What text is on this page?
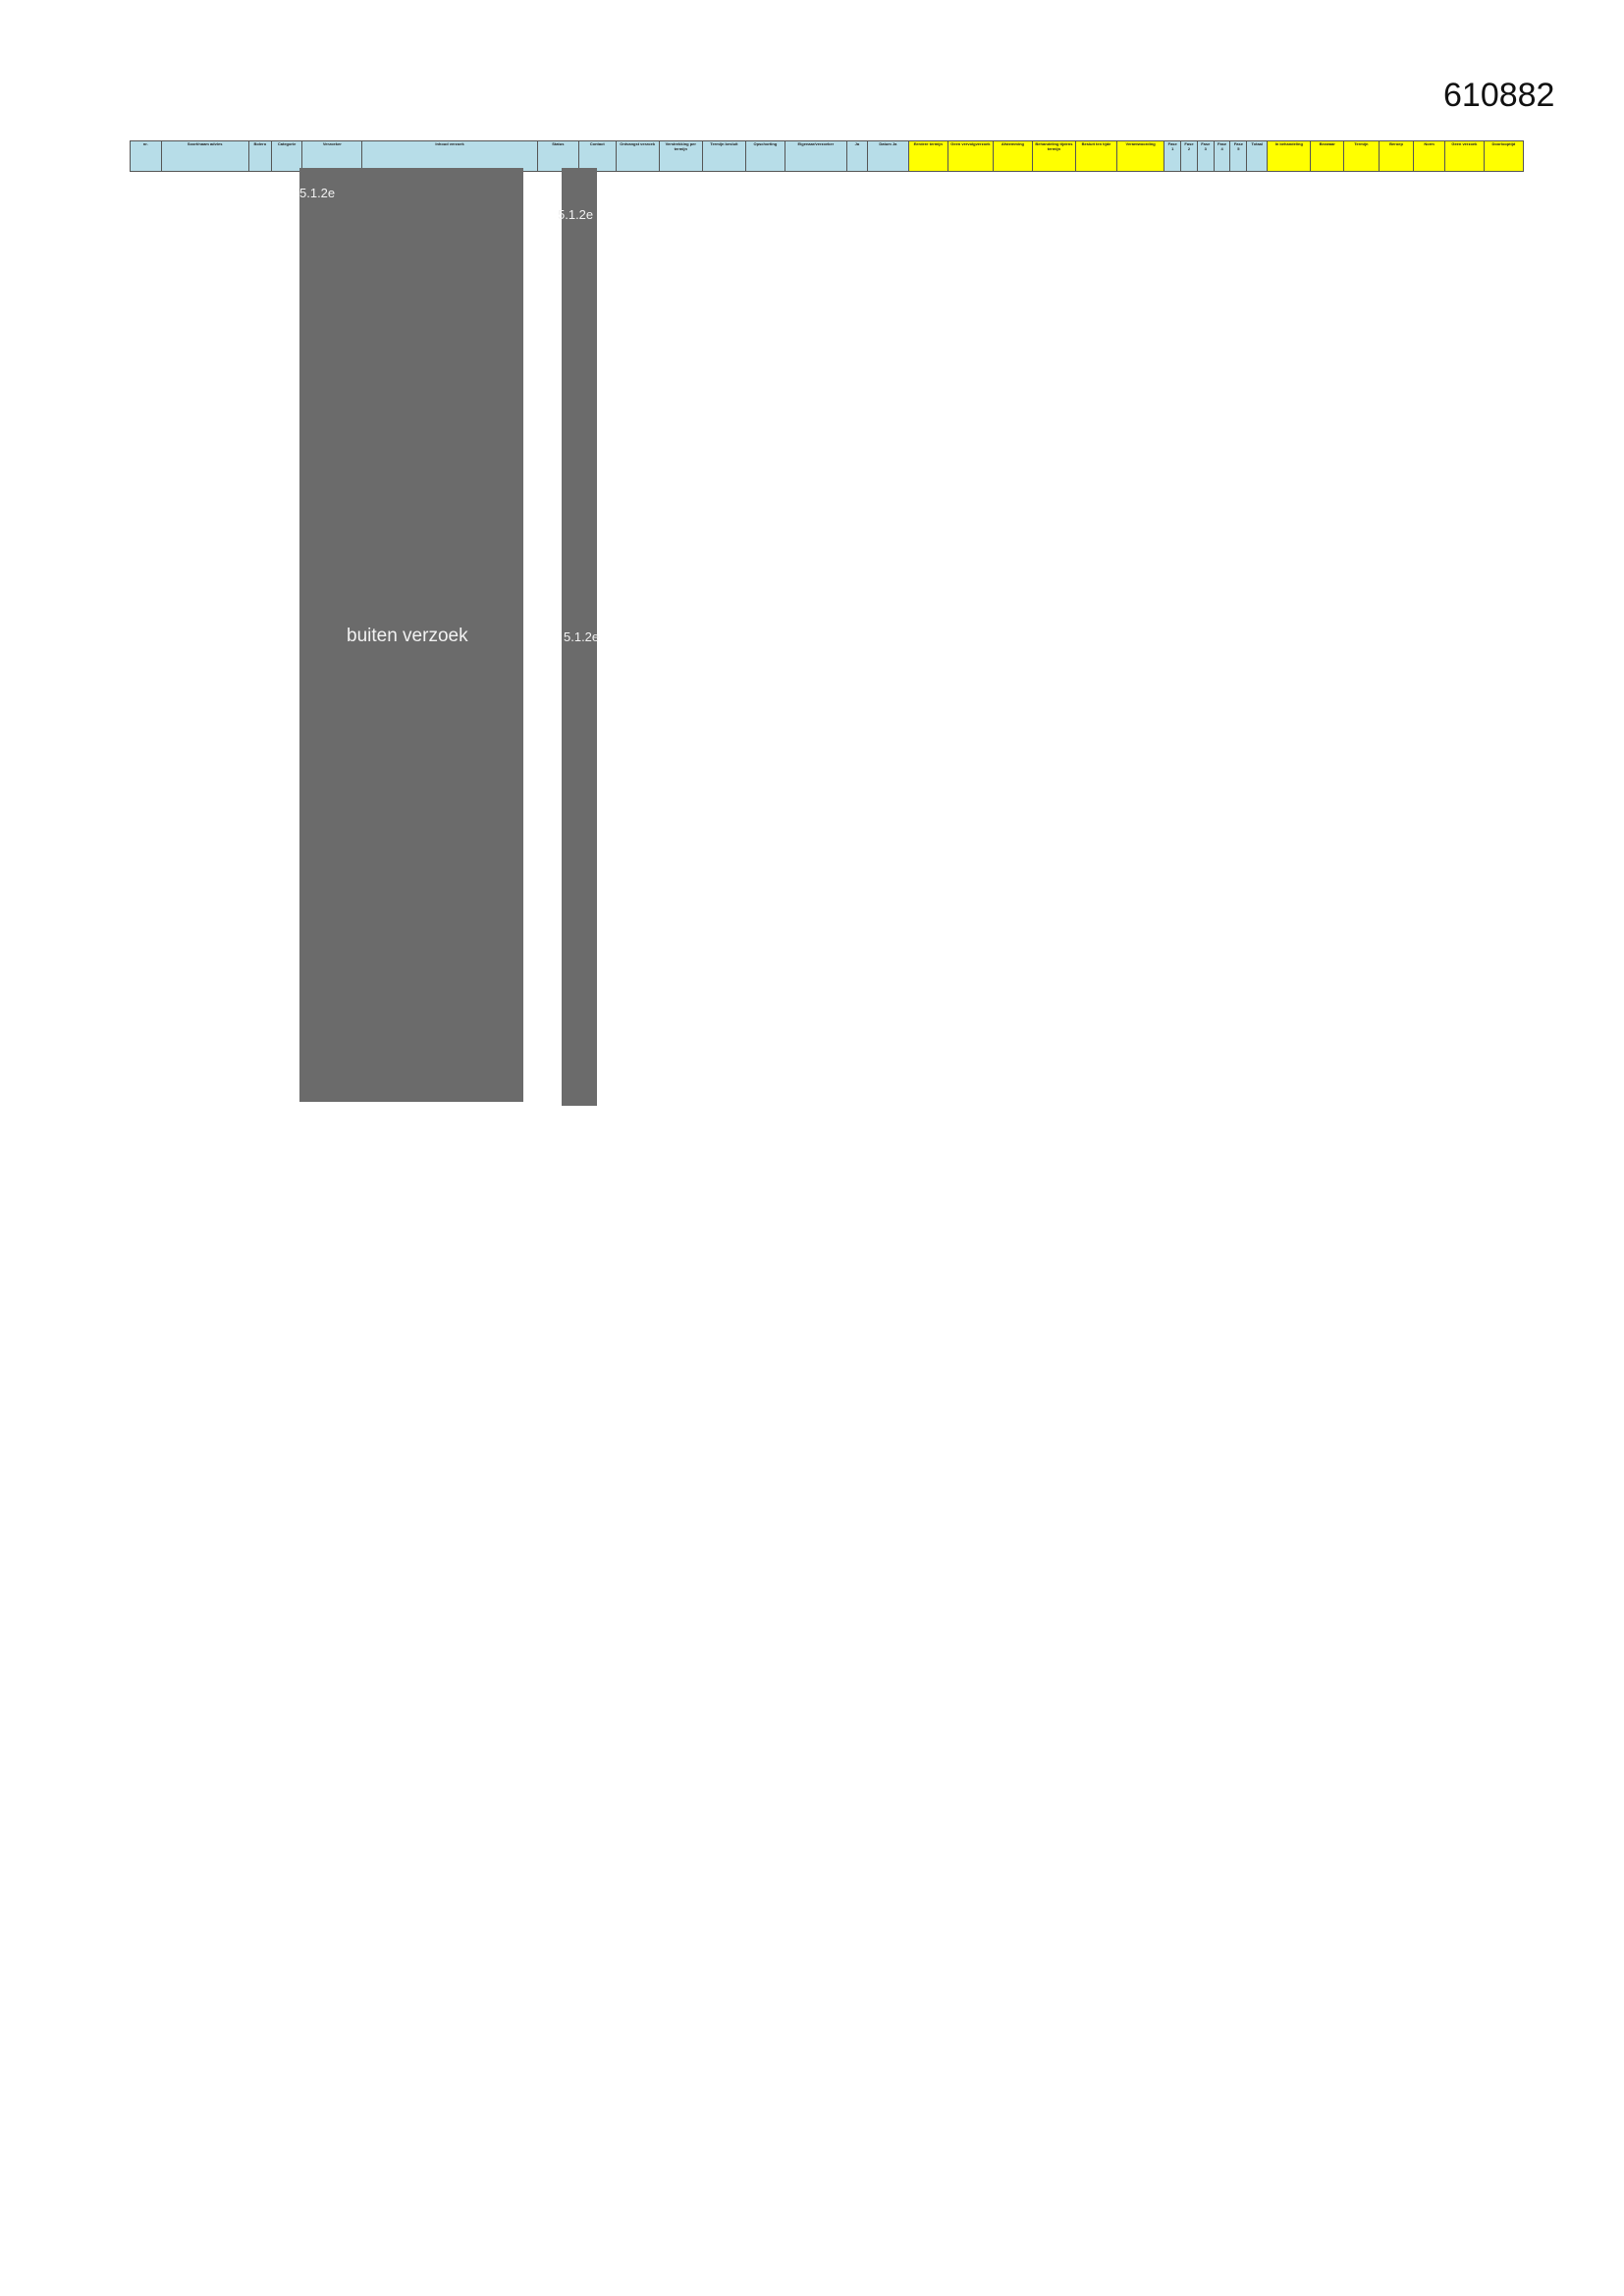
610882
nr.	Soort/naam advies	Bolero	Categorie	Verzoeker	Inhoud verzoek	Status	Contact	Ontvangst verzoek	Verstrekking per termijn	Termijn besluit	Opschorting	Eigenaar/verzoeker	Ja	Datum Ja	Eerdere termijn	Geen vervolgverzoek	Afstemming	Behandeling tijdens termijn	Besluit ten tijde	Verantwoording	Fase 1	Fase 2	Fase 3	Fase 4	Fase 5	Totaal	In behandeling	Bezwaar	Termijn	Beroep	Norm	Geen verzoek	Doorlooptijd
5.1.2e
buiten verzoek
5.1.2e
5.1.2e
